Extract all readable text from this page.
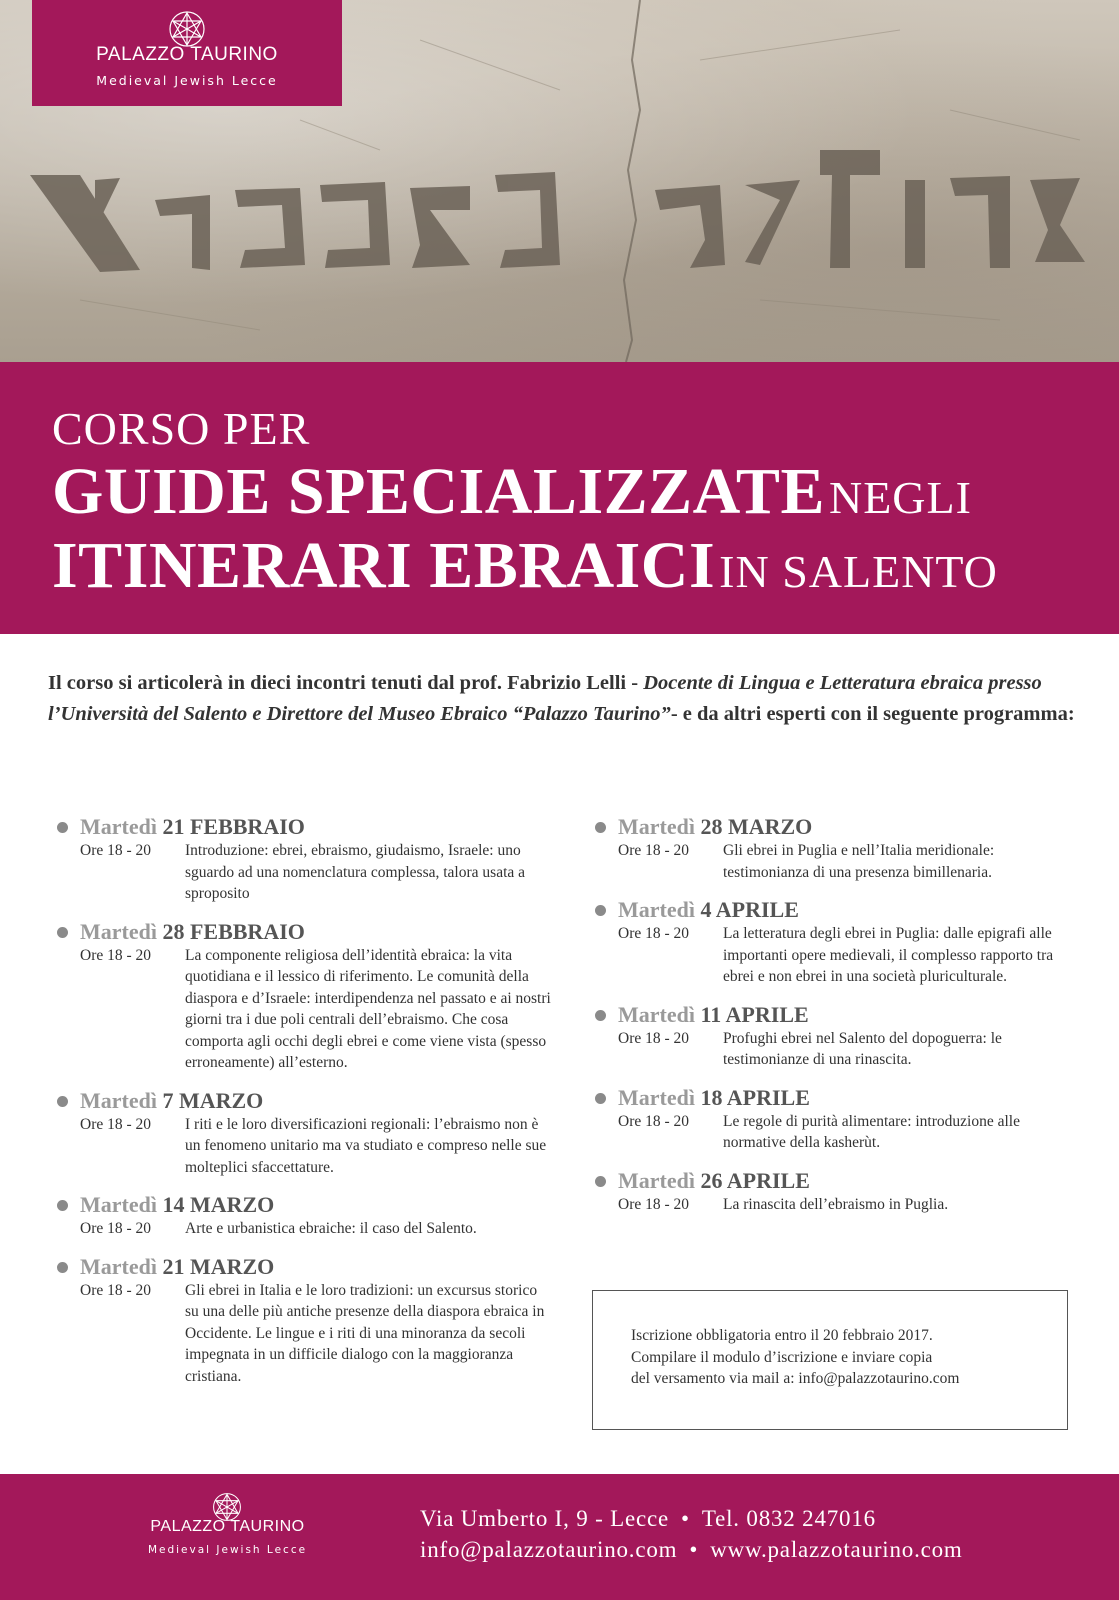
PALAZZO TAURINO
Medieval Jewish Lecce
CORSO PER
GUIDE SPECIALIZZATE NEGLI
ITINERARI EBRAICI IN SALENTO
Il corso si articolerà in dieci incontri tenuti dal prof. Fabrizio Lelli - Docente di Lingua e Letteratura ebraica presso l’Università del Salento e Direttore del Museo Ebraico “Palazzo Taurino”- e da altri esperti con il seguente programma:
Martedì 21 FEBBRAIO
Ore 18 - 20 Introduzione: ebrei, ebraismo, giudaismo, Israele: uno sguardo ad una nomenclatura complessa, talora usata a sproposito
Martedì 28 FEBBRAIO
Ore 18 - 20 La componente religiosa dell’identità ebraica: la vita quotidiana e il lessico di riferimento. Le comunità della diaspora e d’Israele: interdipendenza nel passato e ai nostri giorni tra i due poli centrali dell’ebraismo. Che cosa comporta agli occhi degli ebrei e come viene vista (spesso erroneamente) all’esterno.
Martedì 7 MARZO
Ore 18 - 20 I riti e le loro diversificazioni regionali: l’ebraismo non è un fenomeno unitario ma va studiato e compreso nelle sue molteplici sfaccettature.
Martedì 14 MARZO
Ore 18 - 20 Arte e urbanistica ebraiche: il caso del Salento.
Martedì 21 MARZO
Ore 18 - 20 Gli ebrei in Italia e le loro tradizioni: un excursus storico su una delle più antiche presenze della diaspora ebraica in Occidente. Le lingue e i riti di una minoranza da secoli impegnata in un difficile dialogo con la maggioranza cristiana.
Martedì 28 MARZO
Ore 18 - 20 Gli ebrei in Puglia e nell’Italia meridionale: testimonianza di una presenza bimillenaria.
Martedì 4 APRILE
Ore 18 - 20 La letteratura degli ebrei in Puglia: dalle epigrafi alle importanti opere medievali, il complesso rapporto tra ebrei e non ebrei in una società pluriculturale.
Martedì 11 APRILE
Ore 18 - 20 Profughi ebrei nel Salento del dopoguerra: le testimonianze di una rinascita.
Martedì 18 APRILE
Ore 18 - 20 Le regole di purità alimentare: introduzione alle normative della kasherùt.
Martedì 26 APRILE
Ore 18 - 20 La rinascita dell’ebraismo in Puglia.
Iscrizione obbligatoria entro il 20 febbraio 2017.
Compilare il modulo d’iscrizione e inviare copia
del versamento via mail a: info@palazzotaurino.com
PALAZZO TAURINO
Medieval Jewish Lecce
Via Umberto I, 9 - Lecce • Tel. 0832 247016
info@palazzotaurino.com • www.palazzotaurino.com
